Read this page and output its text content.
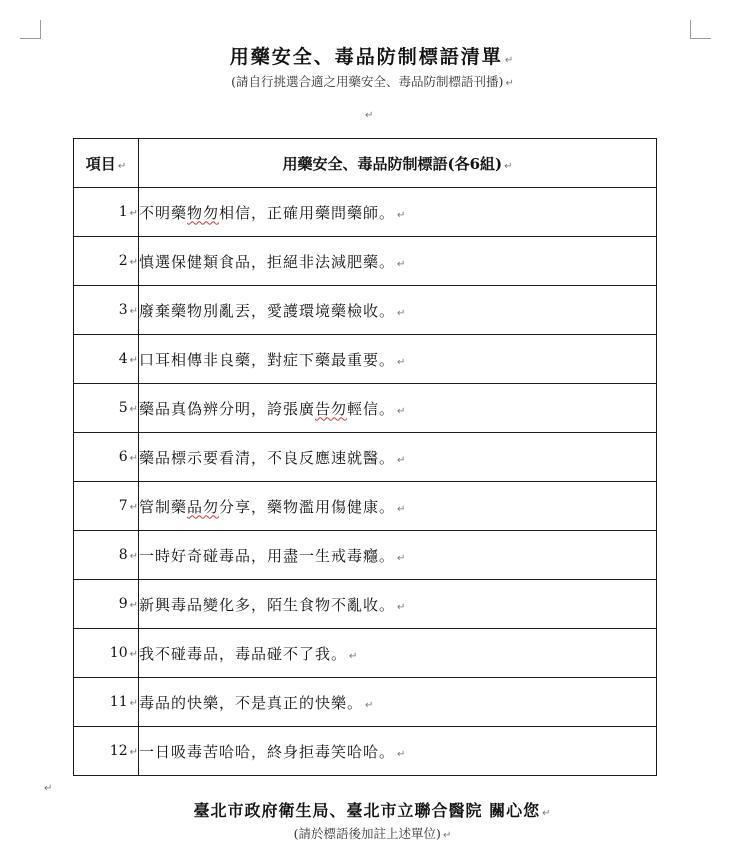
用藥安全、毒品防制標語清單 ↵
(請自行挑選合適之用藥安全、毒品防制標語刊播) ↵
↵
項目 ↵	用藥安全、毒品防制標語(各6組) ↵
1 ↵	不明藥物勿相信，正確用藥問藥師。 ↵
2 ↵	慎選保健類食品，拒絕非法減肥藥。 ↵
3 ↵	廢棄藥物別亂丟，愛護環境藥檢收。 ↵
4 ↵	口耳相傳非良藥，對症下藥最重要。 ↵
5 ↵	藥品真偽辨分明，誇張廣告勿輕信。 ↵
6 ↵	藥品標示要看清，不良反應速就醫。 ↵
7 ↵	管制藥品勿分享，藥物濫用傷健康。 ↵
8 ↵	一時好奇碰毒品，用盡一生戒毒癮。 ↵
9 ↵	新興毒品變化多，陌生食物不亂收。 ↵
10 ↵	我不碰毒品，毒品碰不了我。 ↵
11 ↵	毒品的快樂，不是真正的快樂。 ↵
12 ↵	一日吸毒苦哈哈，終身拒毒笑哈哈。 ↵
↵
臺北市政府衛生局、臺北市立聯合醫院 關心您 ↵
(請於標語後加註上述單位) ↵
